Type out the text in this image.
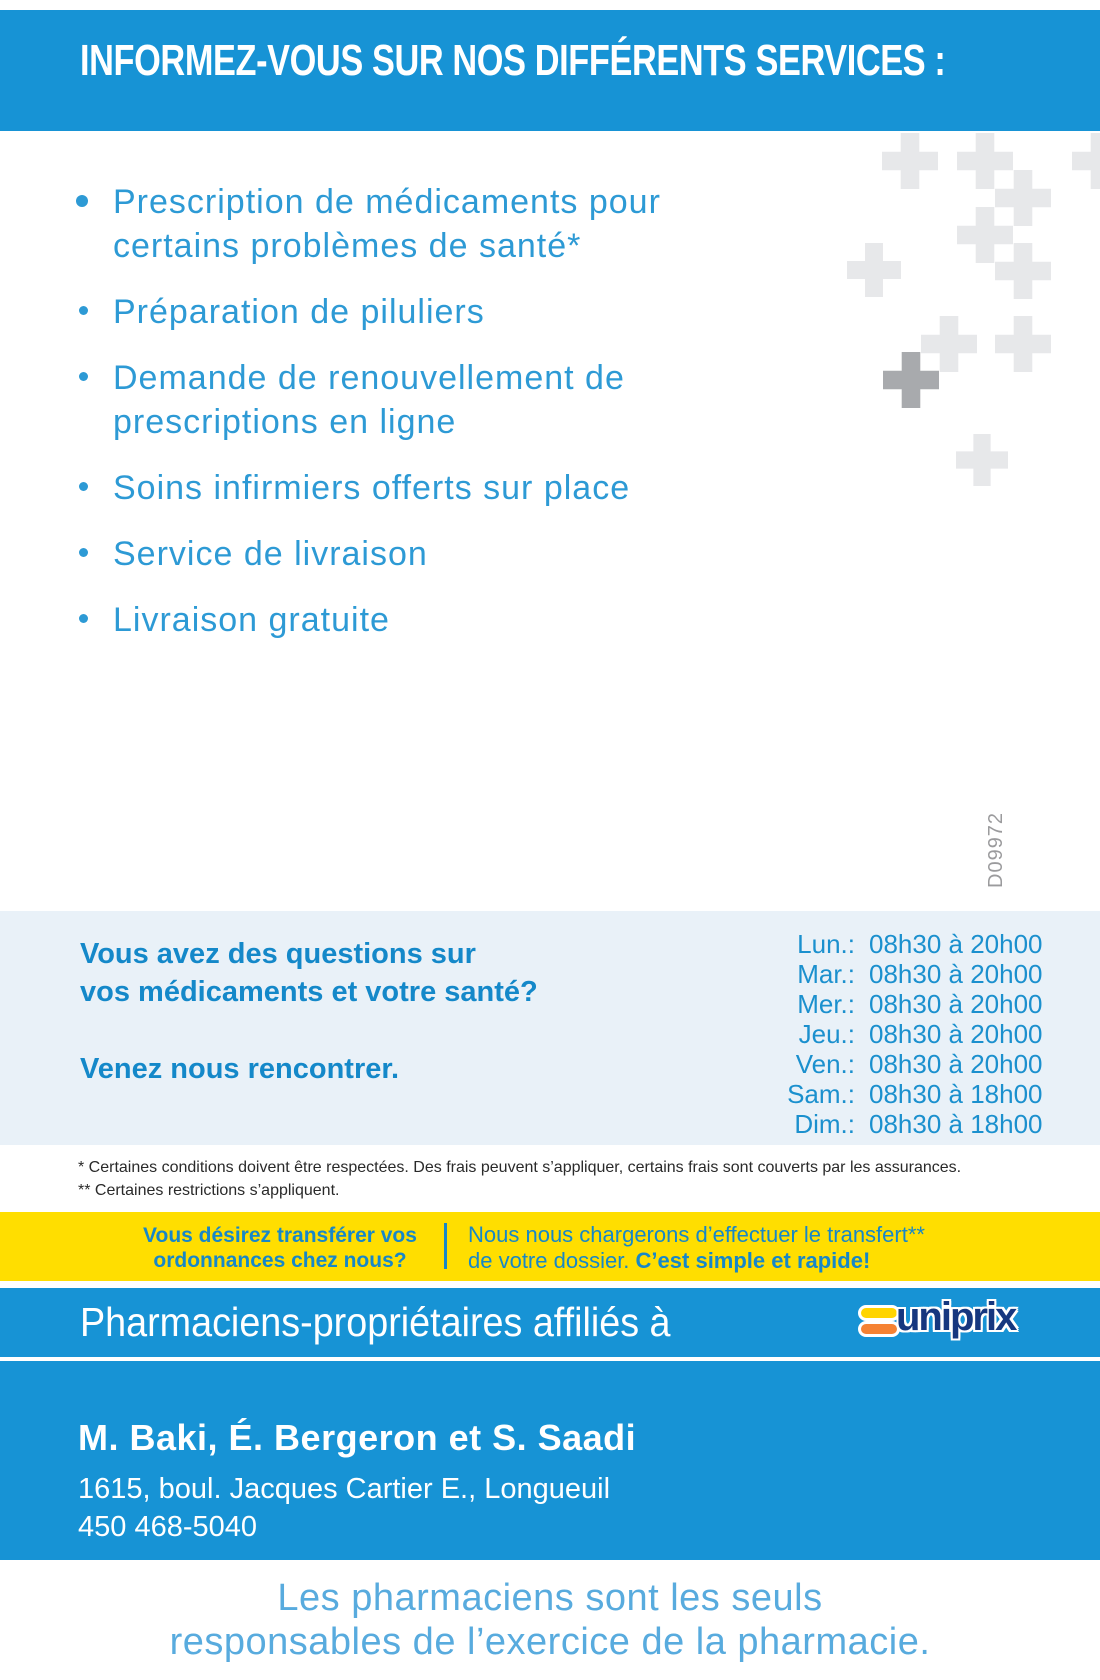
INFORMEZ-VOUS SUR NOS DIFFÉRENTS SERVICES :
Prescription de médicaments pour
certains problèmes de santé*
Préparation de piluliers
Demande de renouvellement de
prescriptions en ligne
Soins infirmiers offerts sur place
Service de livraison
Livraison gratuite
D09972
Vous avez des questions sur
vos médicaments et votre santé?
Venez nous rencontrer.
Lun.: 08h30 à 20h00
Mar.: 08h30 à 20h00
Mer.: 08h30 à 20h00
Jeu.: 08h30 à 20h00
Ven.: 08h30 à 20h00
Sam.: 08h30 à 18h00
Dim.: 08h30 à 18h00
* Certaines conditions doivent être respectées. Des frais peuvent s’appliquer, certains frais sont couverts par les assurances.
** Certaines restrictions s’appliquent.
Vous désirez transférer vos
ordonnances chez nous?
Nous nous chargerons d’effectuer le transfert**
de votre dossier. C’est simple et rapide!
Pharmaciens-propriétaires affiliés à	uniprix
M. Baki, É. Bergeron et S. Saadi
1615, boul. Jacques Cartier E., Longueuil
450 468-5040
Les pharmaciens sont les seuls
responsables de l’exercice de la pharmacie.
